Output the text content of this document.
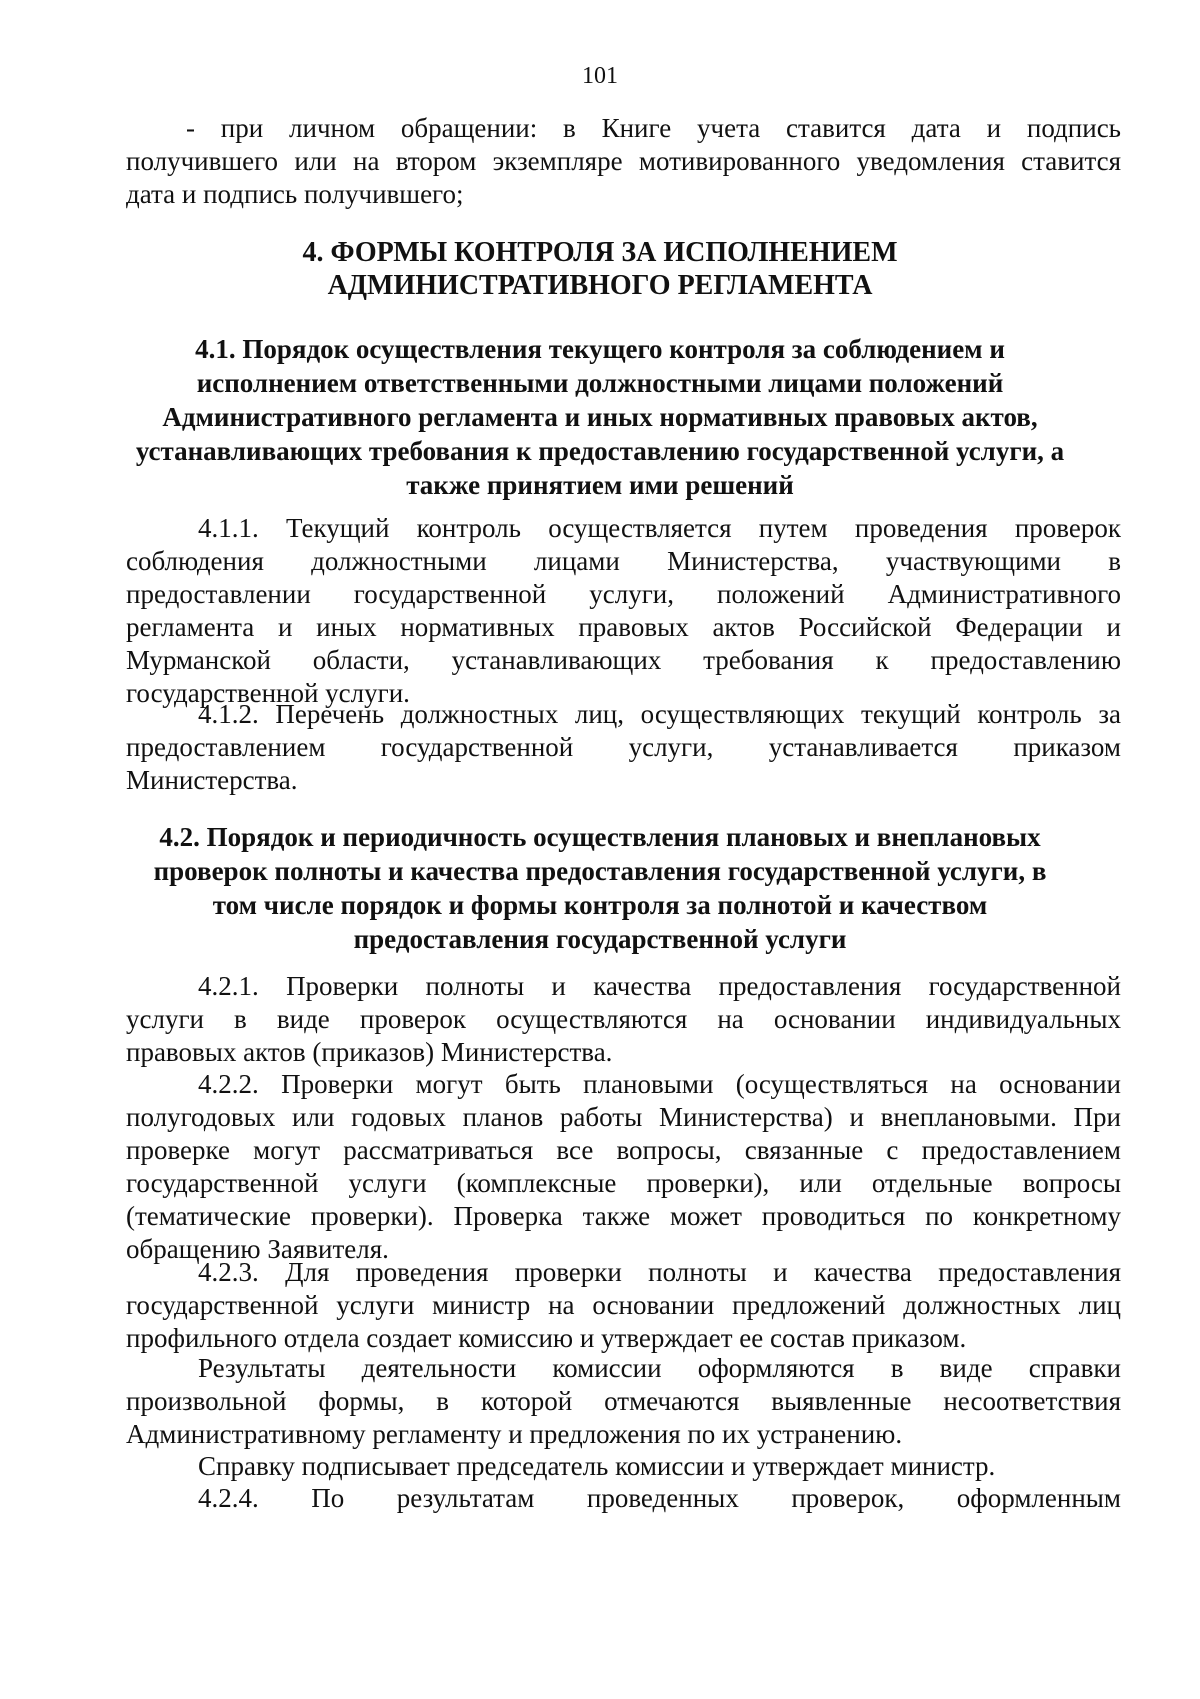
101
- при личном обращении: в Книге учета ставится дата и подпись
получившего или на втором экземпляре мотивированного уведомления ставится
дата и подпись получившего;
4. ФОРМЫ КОНТРОЛЯ ЗА ИСПОЛНЕНИЕМ
АДМИНИСТРАТИВНОГО РЕГЛАМЕНТА
4.1. Порядок осуществления текущего контроля за соблюдением и
исполнением ответственными должностными лицами положений
Административного регламента и иных нормативных правовых актов,
устанавливающих требования к предоставлению государственной услуги, а
также принятием ими решений
4.1.1. Текущий контроль осуществляется путем проведения проверок
соблюдения должностными лицами Министерства, участвующими в
предоставлении государственной услуги, положений Административного
регламента и иных нормативных правовых актов Российской Федерации и
Мурманской области, устанавливающих требования к предоставлению
государственной услуги.
4.1.2. Перечень должностных лиц, осуществляющих текущий контроль за
предоставлением государственной услуги, устанавливается приказом
Министерства.
4.2. Порядок и периодичность осуществления плановых и внеплановых
проверок полноты и качества предоставления государственной услуги, в
том числе порядок и формы контроля за полнотой и качеством
предоставления государственной услуги
4.2.1. Проверки полноты и качества предоставления государственной
услуги в виде проверок осуществляются на основании индивидуальных
правовых актов (приказов) Министерства.
4.2.2. Проверки могут быть плановыми (осуществляться на основании
полугодовых или годовых планов работы Министерства) и внеплановыми. При
проверке могут рассматриваться все вопросы, связанные с предоставлением
государственной услуги (комплексные проверки), или отдельные вопросы
(тематические проверки). Проверка также может проводиться по конкретному
обращению Заявителя.
4.2.3. Для проведения проверки полноты и качества предоставления
государственной услуги министр на основании предложений должностных лиц
профильного отдела создает комиссию и утверждает ее состав приказом.
Результаты деятельности комиссии оформляются в виде справки
произвольной формы, в которой отмечаются выявленные несоответствия
Административному регламенту и предложения по их устранению.
Справку подписывает председатель комиссии и утверждает министр.
4.2.4. По результатам проведенных проверок, оформленным
